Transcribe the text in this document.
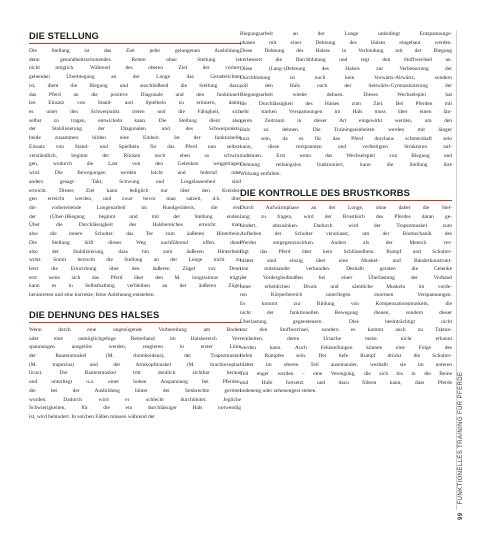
DIE STELLUNG

Die Stellung ist das Ziel jeder gelungenen Ausbildung,
denn gesundheitsschonendes Reiten ohne Stellung ist
nicht möglich. Während des oberen Ziel der vorher-
gehenden Überbiegung an der Longe das Geraderichten
ist, dient die Biegung und anschließend die Stellung dazu,
das Pferd an die positive Diagonale und den funktionel-
len Einsatz von Stand- und Spielbein zu erinnern, damit
es unter den Schwerpunkt treten und die Fähigkeit, sich
selbst zu tragen, entwickeln kann. Die Stellung dient also
der Stabilisierung der Diagonalen und des Schwerpunkts,
beide zusammen bilden eine Einheit. Ist der funktionelle
Einsatz von Stand- und Spielbein für das Pferd nun selbst-
verständlich, beginnt der Rücken noch eben so schwin-
gen, wodurch die Last von den Gelenken weggetragen
wird. Die Bewegungen werden leicht und federnd oder
anders gesagt: Takt, Schwung und Losgelassenheit sind
erreicht. Dieses Ziel kann lediglich nur über den Kreisbo-
gen erreicht werden, und zwar bevor man satzelt, d.h. über
die vorbereitende Longenarbeit im Rundgerädeck, die erst
der (Über-)Biegung beginnt und mit der Stellung enden.
Über die Durchlässigkeit des Halsbereiches erreicht man
also die innere Schulter, das Tor zum äußeren Hinterbein.
Die Stellung hilft dieses Weg nachführend offen, dient
also der Stabilisierung, dass hin zum äußeren Hinterbein
wirkt. Somit herrscht die Stellung an der Longe nicht zu
letzt die Einwirkung über den äußeren Zügel vor. Denn
erst wenn sich das Pferd über den M. longissimus trägt,
kann es in Selbsthaltung verbleiben an der äußeren Zügel
herantreten und eine korrekte, feine Anlehnung entstehen.

DIE DEHNUNG DES HALSES

Wenn durch eine ungenügende Vorbereitung am Boden
oder eine unmöglichgebige Reiterhand im Halsbereich Ver-
spannungen ausgelöst werden, reagieren in erster Linie
der Rautenmuskel (M. rhomboideus), der Trapezmuskel
(M. trapezius) und der Armkopfmuskel (M. brachiocepha-
licus). Der Rautenmuskel tritt deutlich sichtbar heraus
und unterliegt u.a. einer hohen Anspannung bei Pferden,
die bei der Ausbildung hinter der Senkrechte geritten
wurden. Dadurch wird er schlecht durchblutet. Jegliche
Schwierigkeiten, für die ein durchlässiger Hals notwendig
ist, wird behindert. In solchen Fällen müssen während der

Biegungsarbeit an der Longe unbedingt Entspannungs-
phasen mit einer Dehnung des Halses eingebaut werden.
Diese Dehnung des Halses in Verbindung mit der Biegung
verbessert die Durchblutung und regt den Stoffwechsel an.
Diese (Lang-)Dehnung des Halses zur Verbesserung der
Durchblutung ist noch kein Vorwärts-Abwärts, sondern
soll den Hals nach der Seitwärts-Gymnastizierung der
Biegungsarbeit wieder dehnen. Dieses Wechselspiel hat
die Durchlässigkeit des Halses zum Ziel. Bei Pferden mit
sehr starken Verspannungen im Hals muss über einen län-
geren Zeitraum in dieser Art eingewirkt werden, um den
Hals zu dehnen. Die Trainingseinheiten werden mit länger
kurz sein, da es für das Pferd durchaus schmerzhaft sein
kann, diese verspannten und verfestigten Strukturen auf-
zudehnen. Erst wenn das Wechselspiel von Biegung und
Dehnung reibungslos funktioniert, kann die Stellung ihre
Wirkung entfalten.

DIE KONTROLLE DES BRUSTKORBS

Durch Aufwärmphase an der Longe, ohne dabei die Stel-
lung zu fragen, wird der Brustkorb des Pferdes daran ge-
hindert, abzusinken. Dadurch wird der Trapezmuskel zum
Aufheben der Schulter veranlasst, um der Biomechanik des
Pferdes entgegenzuwirken. Anders als der Mensch ver-
fügt das Pferd über kein Schlüsselbein. Rumpf und Schulter-
blätter sind einzig über eine Muskel- und Bänderkonstrukt-
tion miteinander verbunden. Deshalb geraten die Gelenke
der Vordergliedmaßen bei einer Überlastung der Vorhand
unter erheblichen Druck und sämtliche Muskeln im vorde-
ren Körperbereich unterliegen enormen Verspannungen.
Es kommt zur Bildung von Kompensationsmuskeln, die
nicht der funktionellen Bewegung dienen, sondern dieser
Überlastung gegensteuern. Dies beeinträchtigt nicht
nur den Stoffwechsel, sondern es kommt auch zu Taktun-
reinheiten, deren Ursache meist nicht erkannt
werden kann. Auch Fehlstellungen können eine Folge des
tiefen Rumpfes sein. Der tiefe Rumpf drückt die Schulter-
blätter im oberen Teil auseinander, weshalb sie im unteren
Teil enger werden – eine Verengung, die sich bis in die Beine
und Hufe fortsetzt und dazu führen kann, dass Pferde
bodeneng oder zehenengest stehen.

99 FUNKTIONELLES TRAINING FÜR PFERDE
